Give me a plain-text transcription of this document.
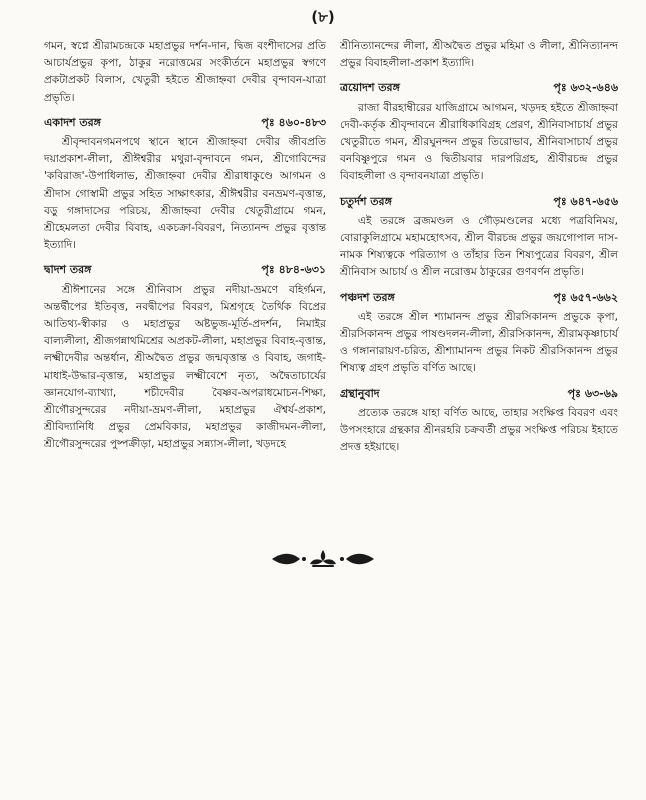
(৮)

গমন, স্বপ্নে শ্রীরামচন্দ্রকে মহাপ্রভুর দর্শন-দান, দ্বিজ বংশীদাসের প্রতি আচার্যপ্রভুর কৃপা, ঠাকুর নরোত্তমের সংকীর্তনে মহাপ্রভুর স্বগণে প্রকটাপ্রকট বিলাস, খেতুরী হইতে শ্রীজাহ্নবা দেবীর বৃন্দাবন-যাত্রা প্রভৃতি।

একাদশ তরঙ্গ	পৃঃ ৪৬০-৪৮৩

শ্রীবৃন্দাবনগমনপথে স্থানে স্থানে শ্রীজাহ্নবা দেবীর জীবপ্রতি দয়াপ্রকাশ-লীলা, শ্রীঈশ্বরীর মথুরা-বৃন্দাবনে গমন, শ্রীগোবিন্দের 'কবিরাজ'-উপাধিলাভ, শ্রীজাহ্নবা দেবীর শ্রীরাধাকুণ্ডে আগমন ও শ্রীদাস গোস্বামী প্রভুর সহিত সাক্ষাৎকার, শ্রীঈশ্বরীর বনভ্রমণ-বৃত্তান্ত, বড়ু গঙ্গাদাসের পরিচয়, শ্রীজাহ্নবা দেবীর খেতুরীগ্রামে গমন, শ্রীহেমলতা দেবীর বিবাহ, একচক্রা-বিবরণ, নিত্যানন্দ প্রভুর বৃত্তান্ত ইত্যাদি।

দ্বাদশ তরঙ্গ	পৃঃ ৪৮৪-৬৩১

শ্রীঈশানের সঙ্গে শ্রীনিবাস প্রভুর নদীয়া-ভ্রমণে বহির্গমন, অন্তর্দ্বীপের ইতিবৃত্ত, নবদ্বীপের বিবরণ, মিশ্রগৃহে তৈর্থিক বিপ্রের আতিথ্য-স্বীকার ও মহাপ্রভুর অষ্টভুজ-মূর্তি-প্রদর্শন, নিমাইর বাল্যলীলা, শ্রীজগন্নাথমিশ্রের অপ্রকট-লীলা, মহাপ্রভুর বিবাহ-বৃত্তান্ত, লক্ষ্মীদেবীর অন্তর্ধান, শ্রীঅদ্বৈত প্রভুর জন্মবৃত্তান্ত ও বিবাহ, জগাই-মাধাই-উদ্ধার-বৃত্তান্ত, মহাপ্রভুর লক্ষ্মীবেশে নৃত্য, অদ্বৈতাচার্যের জ্ঞানযোগ-ব্যাখ্যা, শচীদেবীর বৈষ্ণব-অপরাধমোচন-শিক্ষা, শ্রীগৌরসুন্দরের নদীয়া-ভ্রমণ-লীলা, মহাপ্রভুর ঐশ্বর্য-প্রকাশ, শ্রীবিদ্যানিধি প্রভুর প্রেমবিকার, মহাপ্রভুর কাজীদমন-লীলা, শ্রীগৌরসুন্দরের পুষ্পক্রীড়া, মহাপ্রভুর সন্ন্যাস-লীলা, খড়দহে

শ্রীনিত্যানন্দের লীলা, শ্রীঅদ্বৈত প্রভুর মহিমা ও লীলা, শ্রীনিত্যানন্দ প্রভুর বিবাহলীলা-প্রকাশ ইত্যাদি।

ত্রয়োদশ তরঙ্গ	পৃঃ ৬৩২-৬৪৬

রাজা বীরহাম্বীরের যাজিগ্রামে আগমন, খড়দহ হইতে শ্রীজাহ্নবা দেবী-কর্তৃক শ্রীবৃন্দাবনে শ্রীরাধিকাবিগ্রহ প্রেরণ, শ্রীনিবাসাচার্য প্রভুর খেতুরীতে গমন, শ্রীরঘুনন্দন প্রভুর তিরোভাব, শ্রীনিবাসাচার্য প্রভুর বনবিষ্ণুপুরে গমন ও দ্বিতীয়বার দারপরিগ্রহ, শ্রীবীরচন্দ্র প্রভুর বিবাহলীলা ও বৃন্দাবনযাত্রা প্রভৃতি।

চতুর্দশ তরঙ্গ	পৃঃ ৬৪৭-৬৫৬

এই তরঙ্গে ব্রজমণ্ডল ও গৌড়মণ্ডলের মধ্যে পত্রবিনিময়, বোরাকুলিগ্রামে মহামহোৎসব, শ্রীল বীরচন্দ্র প্রভুর জয়গোপাল দাস-নামক শিষ্যত্বকে পরিত্যাগ ও তাঁহার তিন শিষ্যপুত্রের বিবরণ, শ্রীল শ্রীনিবাস আচার্য ও শ্রীল নরোত্তম ঠাকুরের গুণবর্ণন প্রভৃতি।

পঞ্চদশ তরঙ্গ	পৃঃ ৬৫৭-৬৬২

এই তরঙ্গে শ্রীল শ্যামানন্দ প্রভুর শ্রীরসিকানন্দ প্রভুকে কৃপা, শ্রীরসিকানন্দ প্রভুর পাষণ্ডদলন-লীলা, শ্রীরসিকানন্দ, শ্রীরামকৃষ্ণাচার্য ও গঙ্গানারায়ণ-চরিত, শ্রীশ্যামানন্দ প্রভুর নিকট শ্রীরসিকানন্দ প্রভুর শিষ্যত্ব গ্রহণ প্রভৃতি বর্ণিত আছে।

গ্রন্থানুবাদ	পৃঃ ৬৩-৬৯

প্রত্যেক তরঙ্গে যাহা বর্ণিত আছে, তাহার সংক্ষিপ্ত বিবরণ এবং উপসংহারে গ্রন্থকার শ্রীনরহরি চক্রবর্তী প্রভুর সংক্ষিপ্ত পরিচয় ইহাতে প্রদত্ত হইয়াছে।
